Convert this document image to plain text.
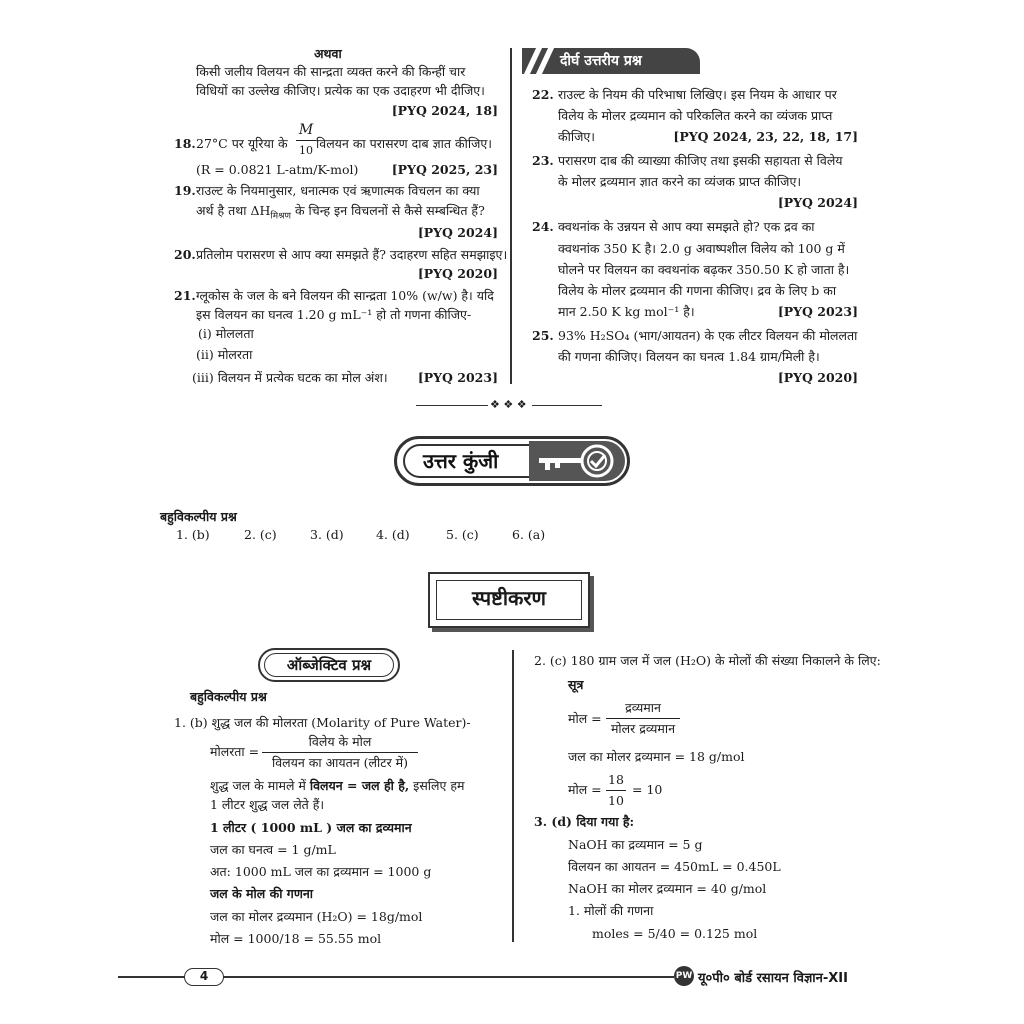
अथवा
किसी जलीय विलयन की सान्द्रता व्यक्त करने की किन्हीं चार
विधियों का उल्लेख कीजिए। प्रत्येक का एक उदाहरण भी दीजिए।
[PYQ 2024, 18]
18. 27°C पर यूरिया के
M
10 विलयन का परासरण दाब ज्ञात कीजिए।
(R = 0.0821 L-atm/K-mol)	[PYQ 2025, 23]
19. राउल्ट के नियमानुसार, धनात्मक एवं ऋणात्मक विचलन का क्या
अर्थ है तथा $\Delta H_{मिश्रण}$ के चिन्ह इन विचलनों से कैसे सम्बन्धित हैं?
[PYQ 2024]
20. प्रतिलोम परासरण से आप क्या समझते हैं? उदाहरण सहित समझाइए।
[PYQ 2020]
21. ग्लूकोस के जल के बने विलयन की सान्द्रता 10% (w/w) है। यदि
इस विलयन का घनत्व 1.20 g mL⁻¹ हो तो गणना कीजिए-
(i) मोललता
(ii) मोलरता
(iii) विलयन में प्रत्येक घटक का मोल अंश।	[PYQ 2023]
दीर्घ उत्तरीय प्रश्न
22. राउल्ट के नियम की परिभाषा लिखिए। इस नियम के आधार पर
विलेय के मोलर द्रव्यमान को परिकलित करने का व्यंजक प्राप्त
कीजिए।	[PYQ 2024, 23, 22, 18, 17]
23. परासरण दाब की व्याख्या कीजिए तथा इसकी सहायता से विलेय
के मोलर द्रव्यमान ज्ञात करने का व्यंजक प्राप्त कीजिए।
[PYQ 2024]
24. क्वथनांक के उन्नयन से आप क्या समझते हो? एक द्रव का
क्वथनांक 350 K है। 2.0 g अवाष्पशील विलेय को 100 g में
घोलने पर विलयन का क्वथनांक बढ़कर 350.50 K हो जाता है।
विलेय के मोलर द्रव्यमान की गणना कीजिए। द्रव के लिए b का
मान 2.50 K kg mol⁻¹ है।	[PYQ 2023]
25. 93% H₂SO₄ (भाग/आयतन) के एक लीटर विलयन की मोललता
की गणना कीजिए। विलयन का घनत्व 1.84 ग्राम/मिली है।
[PYQ 2020]
❖ ❖ ❖
उत्तर कुंजी
बहुविकल्पीय प्रश्न
1. (b)	2. (c)	3. (d)	4. (d)	5. (c)	6. (a)
स्पष्टीकरण
ऑब्जेक्टिव प्रश्न
बहुविकल्पीय प्रश्न
1. (b) शुद्ध जल की मोलरता (Molarity of Pure Water)-
मोलरता =
विलेय के मोल
विलयन का आयतन (लीटर में)
शुद्ध जल के मामले में विलयन = जल ही है, इसलिए हम
1 लीटर शुद्ध जल लेते हैं।
1 लीटर ( 1000 mL ) जल का द्रव्यमान
जल का घनत्व = 1 g/mL
अत: 1000 mL जल का द्रव्यमान = 1000 g
जल के मोल की गणना
जल का मोलर द्रव्यमान (H₂O) = 18g/mol
मोल = 1000/18 = 55.55 mol
2. (c) 180 ग्राम जल में जल (H₂O) के मोलों की संख्या निकालने के लिए:
सूत्र
मोल =
द्रव्यमान
मोलर द्रव्यमान
जल का मोलर द्रव्यमान = 18 g/mol
मोल =
18
10
= 10
3. (d) दिया गया है:
NaOH का द्रव्यमान = 5 g
विलयन का आयतन = 450mL = 0.450L
NaOH का मोलर द्रव्यमान = 40 g/mol
1. मोलों की गणना
moles = 5/40 = 0.125 mol
4	PW यू०पी० बोर्ड रसायन विज्ञान-XII
